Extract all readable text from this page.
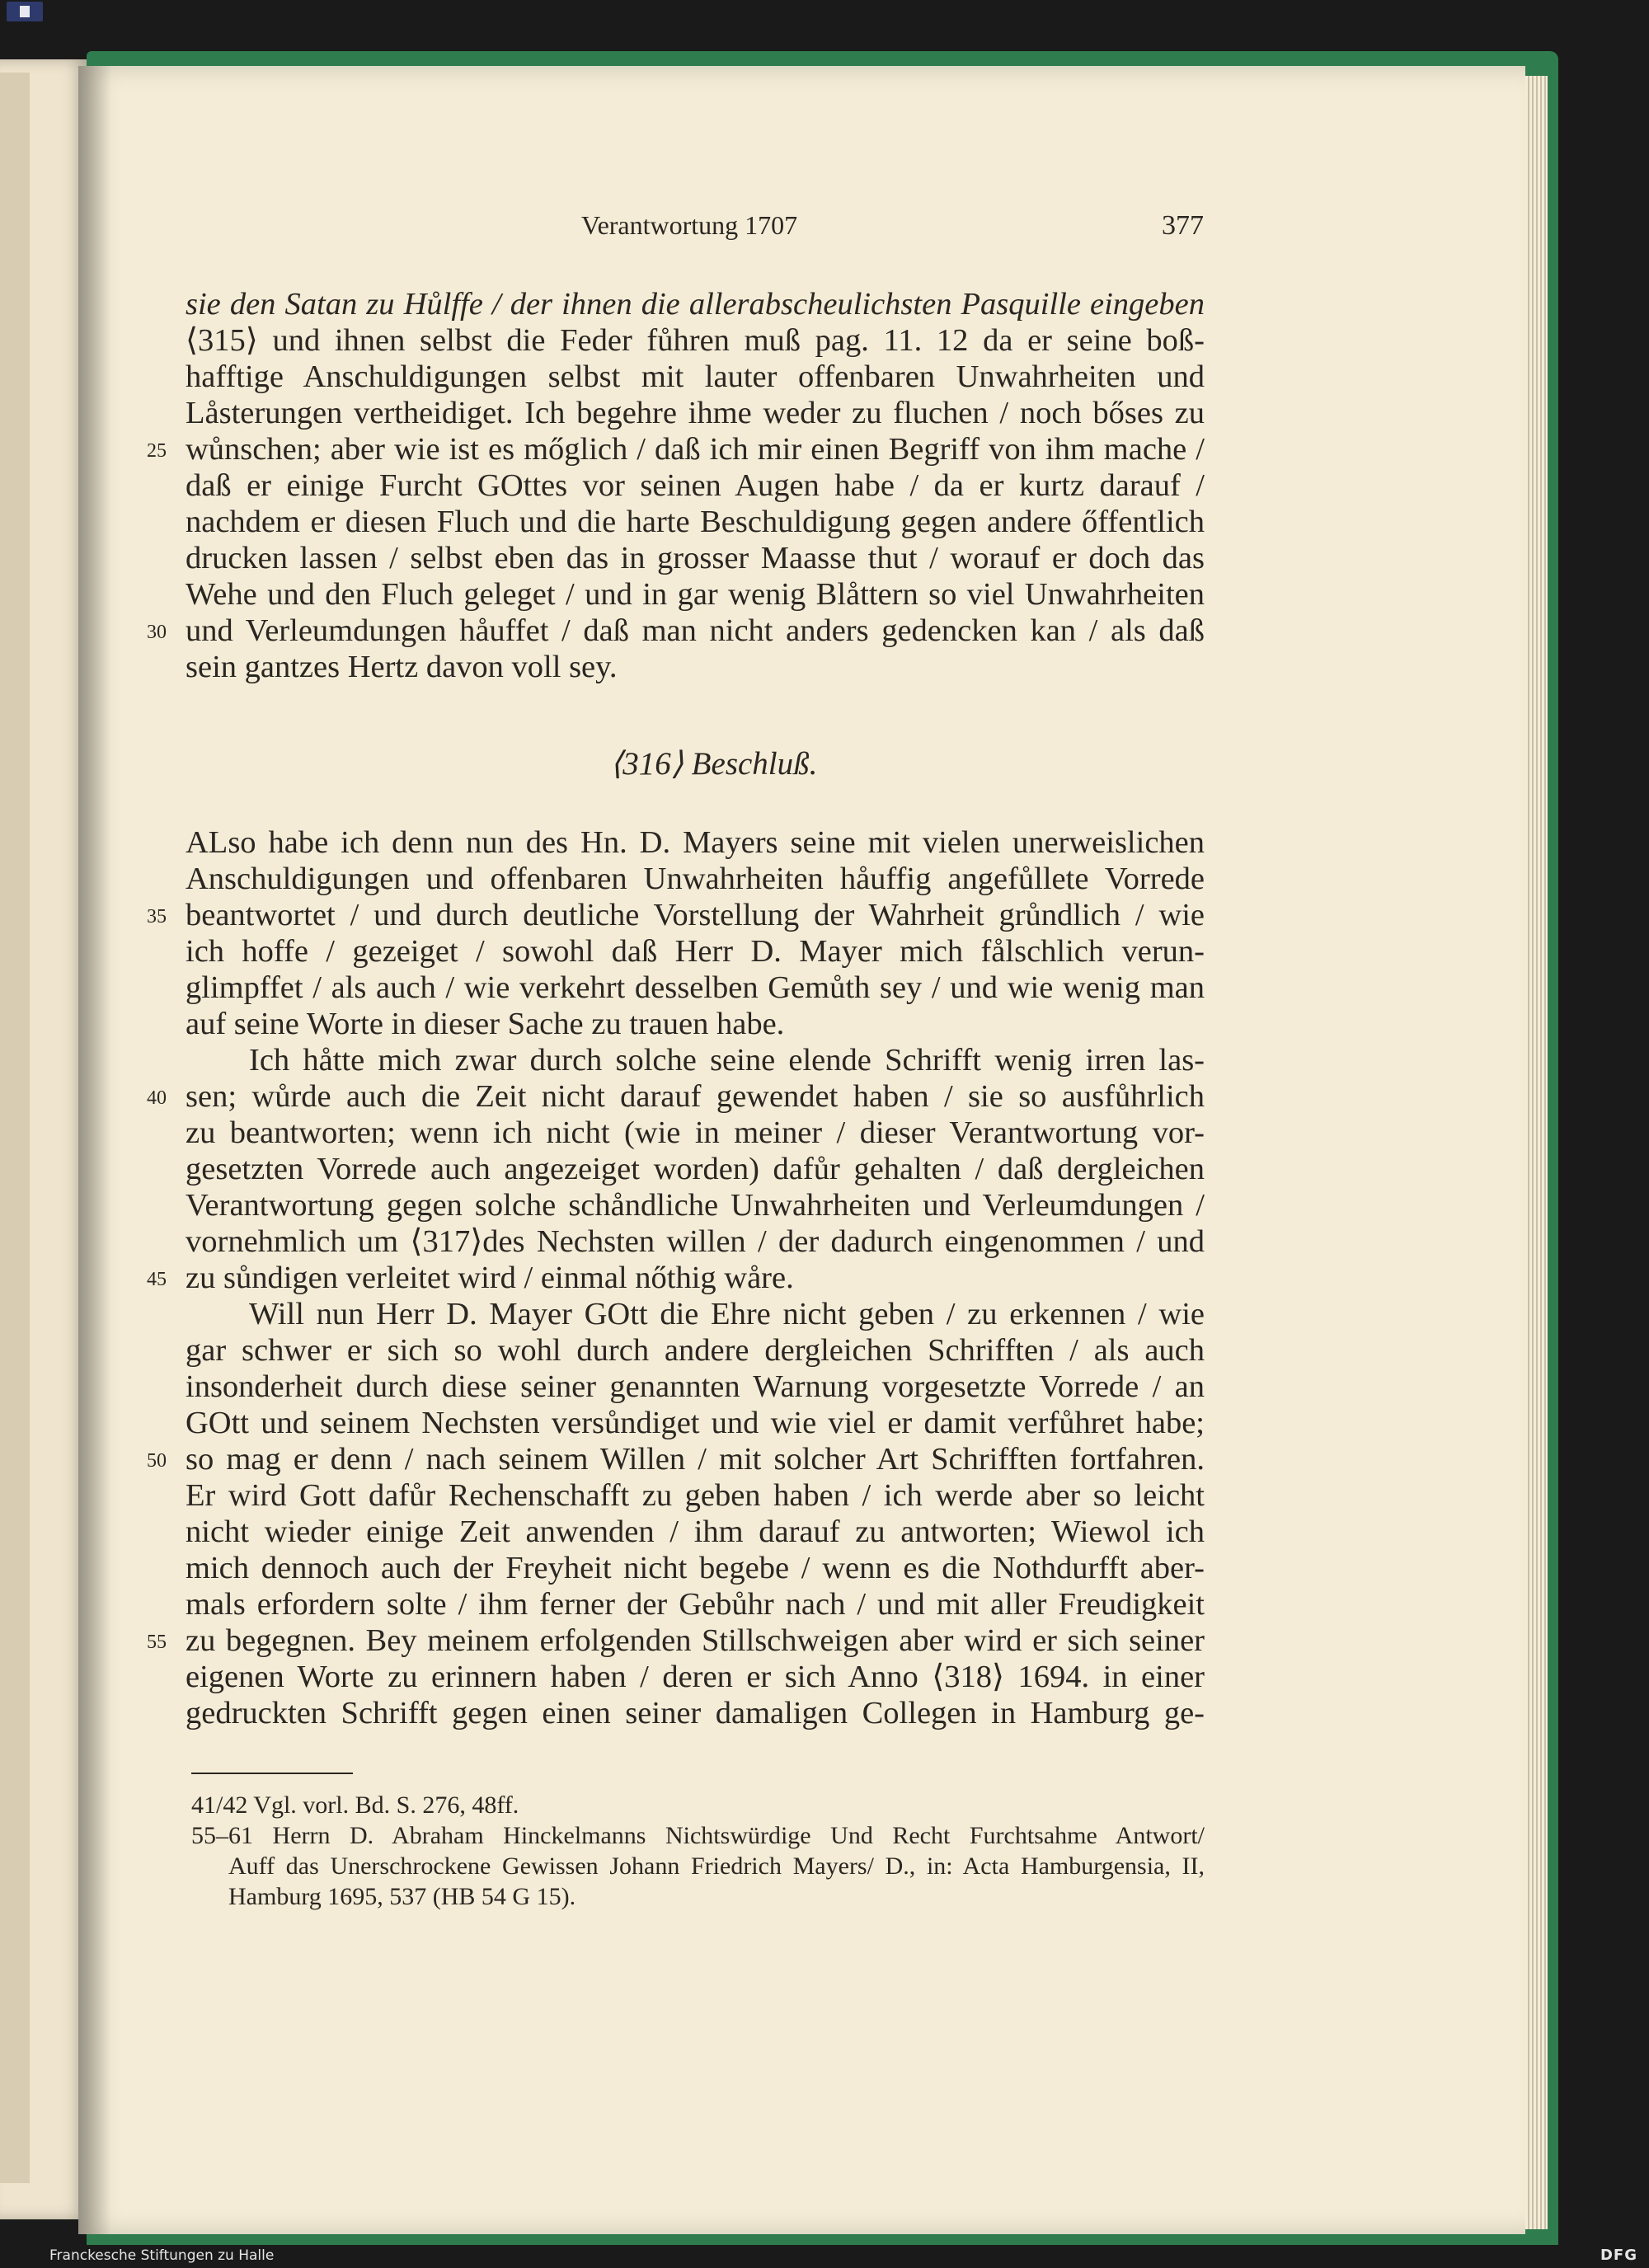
Verantwortung 1707	377
sie den Satan zu Hůlffe / der ihnen die allerabscheulichsten Pasquille eingeben
⟨315⟩ und ihnen selbst die Feder fůhren muß pag. 11. 12 da er seine boß-
hafftige Anschuldigungen selbst mit lauter offenbaren Unwahrheiten und
Låsterungen vertheidiget. Ich begehre ihme weder zu fluchen / noch bőses zu
wůnschen; aber wie ist es mőglich / daß ich mir einen Begriff von ihm mache /
daß er einige Furcht GOttes vor seinen Augen habe / da er kurtz darauf /
nachdem er diesen Fluch und die harte Beschuldigung gegen andere őffentlich
drucken lassen / selbst eben das in grosser Maasse thut / worauf er doch das
Wehe und den Fluch geleget / und in gar wenig Blåttern so viel Unwahrheiten
und Verleumdungen håuffet / daß man nicht anders gedencken kan / als daß
sein gantzes Hertz davon voll sey.
⟨316⟩ Beschluß.
ALso habe ich denn nun des Hn. D. Mayers seine mit vielen unerweislichen
Anschuldigungen und offenbaren Unwahrheiten håuffig angefůllete Vorrede
beantwortet / und durch deutliche Vorstellung der Wahrheit grůndlich / wie
ich hoffe / gezeiget / sowohl daß Herr D. Mayer mich fålschlich verun-
glimpffet / als auch / wie verkehrt desselben Gemůth sey / und wie wenig man
auf seine Worte in dieser Sache zu trauen habe.
Ich håtte mich zwar durch solche seine elende Schrifft wenig irren las-
sen; wůrde auch die Zeit nicht darauf gewendet haben / sie so ausfůhrlich
zu beantworten; wenn ich nicht (wie in meiner / dieser Verantwortung vor-
gesetzten Vorrede auch angezeiget worden) dafůr gehalten / daß dergleichen
Verantwortung gegen solche schåndliche Unwahrheiten und Verleumdungen /
vornehmlich um ⟨317⟩des Nechsten willen / der dadurch eingenommen / und
zu sůndigen verleitet wird / einmal nőthig wåre.
Will nun Herr D. Mayer GOtt die Ehre nicht geben / zu erkennen / wie
gar schwer er sich so wohl durch andere dergleichen Schrifften / als auch
insonderheit durch diese seiner genannten Warnung vorgesetzte Vorrede / an
GOtt und seinem Nechsten versůndiget und wie viel er damit verfůhret habe;
so mag er denn / nach seinem Willen / mit solcher Art Schrifften fortfahren.
Er wird Gott dafůr Rechenschafft zu geben haben / ich werde aber so leicht
nicht wieder einige Zeit anwenden / ihm darauf zu antworten; Wiewol ich
mich dennoch auch der Freyheit nicht begebe / wenn es die Nothdurfft aber-
mals erfordern solte / ihm ferner der Gebůhr nach / und mit aller Freudigkeit
zu begegnen. Bey meinem erfolgenden Stillschweigen aber wird er sich seiner
eigenen Worte zu erinnern haben / deren er sich Anno ⟨318⟩ 1694. in einer
gedruckten Schrifft gegen einen seiner damaligen Collegen in Hamburg ge-
25
30
35
40
45
50
55
41/42 Vgl. vorl. Bd. S. 276, 48ff.
55–61 Herrn D. Abraham Hinckelmanns Nichtswürdige Und Recht Furchtsahme Antwort/
Auff das Unerschrockene Gewissen Johann Friedrich Mayers/ D., in: Acta Hamburgensia, II,
Hamburg 1695, 537 (HB 54 G 15).
Franckesche Stiftungen zu Halle	DFG
